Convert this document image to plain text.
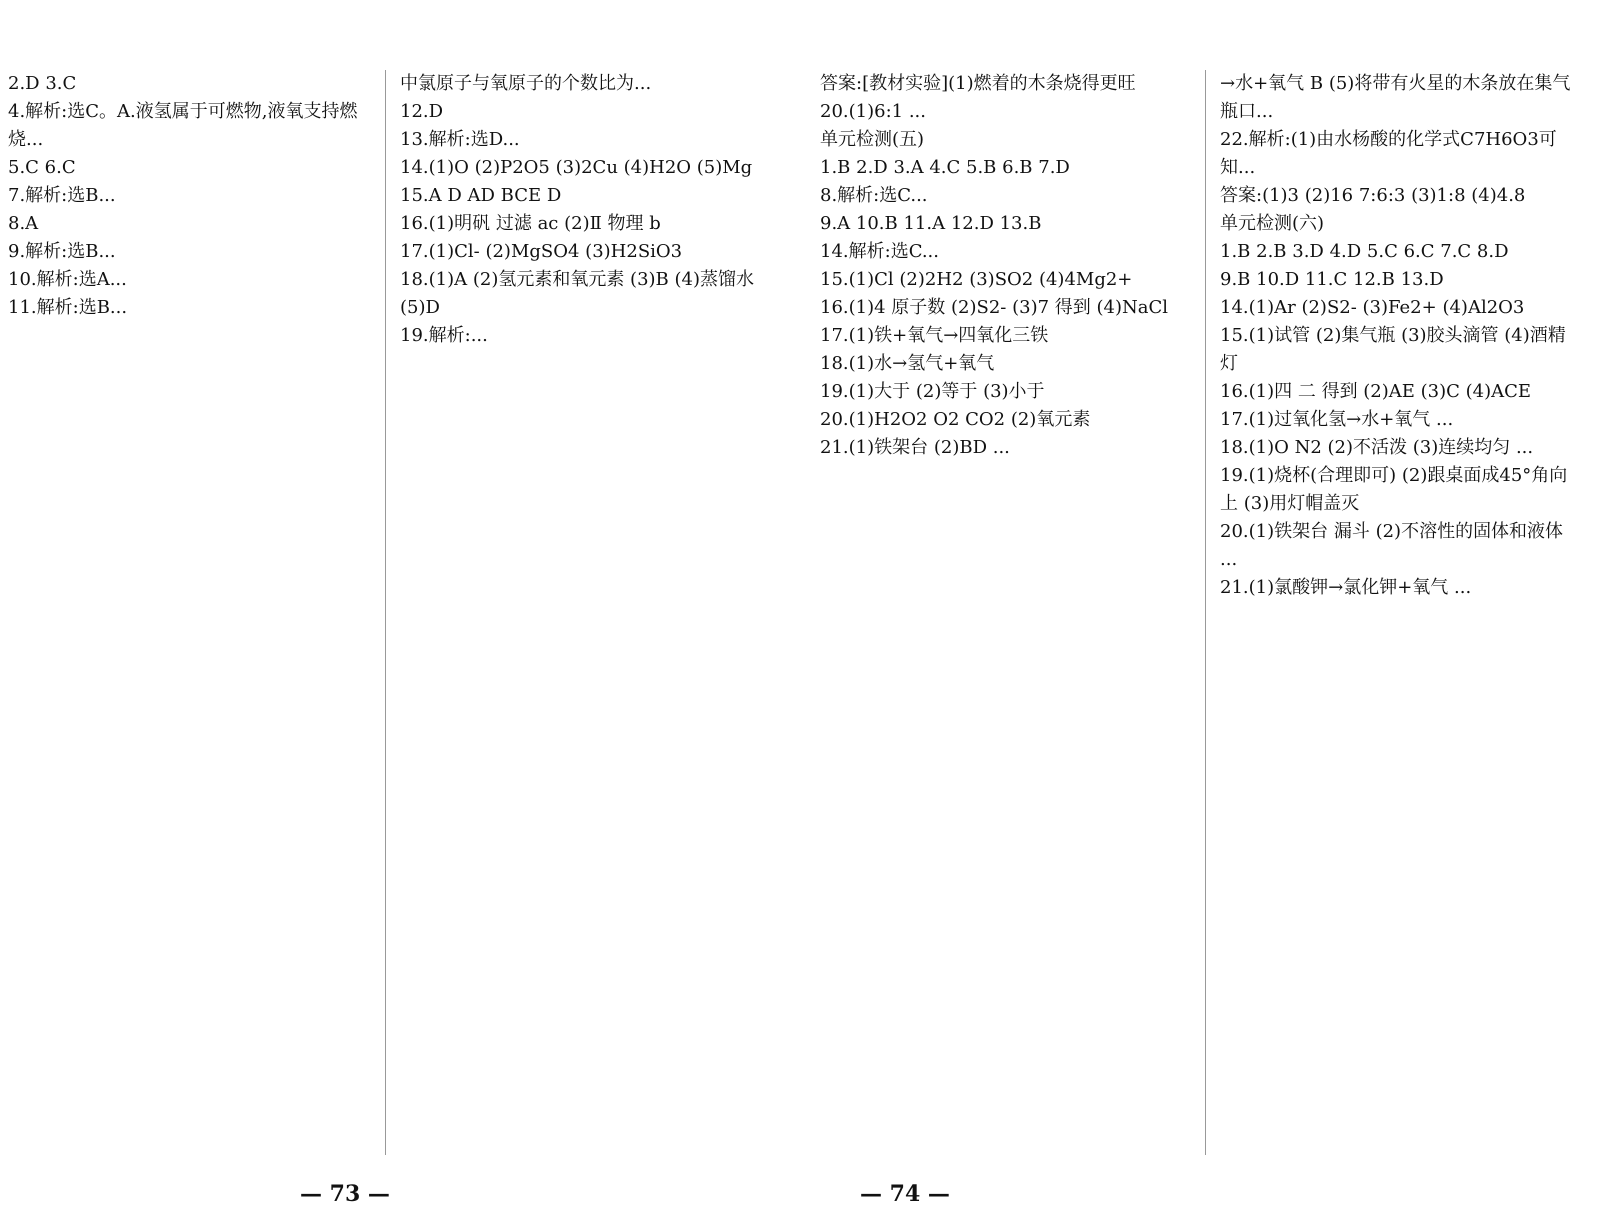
2.D 3.C
4.解析:选C。A.液氢属于可燃物,液氧支持燃烧...
5.C 6.C
7.解析:选B...
8.A
9.解析:选B...
10.解析:选A...
11.解析:选B...
中氯原子与氧原子的个数比为...
12.D
13.解析:选D...
14.(1)O (2)P2O5 (3)2Cu (4)H2O (5)Mg
15.A D AD BCE D
16.(1)明矾 过滤 ac (2)Ⅱ 物理 b
17.(1)Cl- (2)MgSO4 (3)H2SiO3
18.(1)A (2)氢元素和氧元素 (3)B (4)蒸馏水 (5)D
19.解析:...
— 73 —
答案:[教材实验](1)燃着的木条烧得更旺
20.(1)6:1 ...
单元检测(五)
1.B 2.D 3.A 4.C 5.B 6.B 7.D
8.解析:选C...
9.A 10.B 11.A 12.D 13.B
14.解析:选C...
15.(1)Cl (2)2H2 (3)SO2 (4)4Mg2+
16.(1)4 原子数 (2)S2- (3)7 得到 (4)NaCl
17.(1)铁+氧气→四氧化三铁
18.(1)水→氢气+氧气
19.(1)大于 (2)等于 (3)小于
20.(1)H2O2 O2 CO2 (2)氧元素
21.(1)铁架台 (2)BD ...
→水+氧气 B (5)将带有火星的木条放在集气瓶口...
22.解析:(1)由水杨酸的化学式C7H6O3可知...
答案:(1)3 (2)16 7:6:3 (3)1:8 (4)4.8
单元检测(六)
1.B 2.B 3.D 4.D 5.C 6.C 7.C 8.D
9.B 10.D 11.C 12.B 13.D
14.(1)Ar (2)S2- (3)Fe2+ (4)Al2O3
15.(1)试管 (2)集气瓶 (3)胶头滴管 (4)酒精灯
16.(1)四 二 得到 (2)AE (3)C (4)ACE
17.(1)过氧化氢→水+氧气 ...
18.(1)O N2 (2)不活泼 (3)连续均匀 ...
19.(1)烧杯(合理即可) (2)跟桌面成45°角向上 (3)用灯帽盖灭
20.(1)铁架台 漏斗 (2)不溶性的固体和液体 ...
21.(1)氯酸钾→氯化钾+氧气 ...
— 74 —
